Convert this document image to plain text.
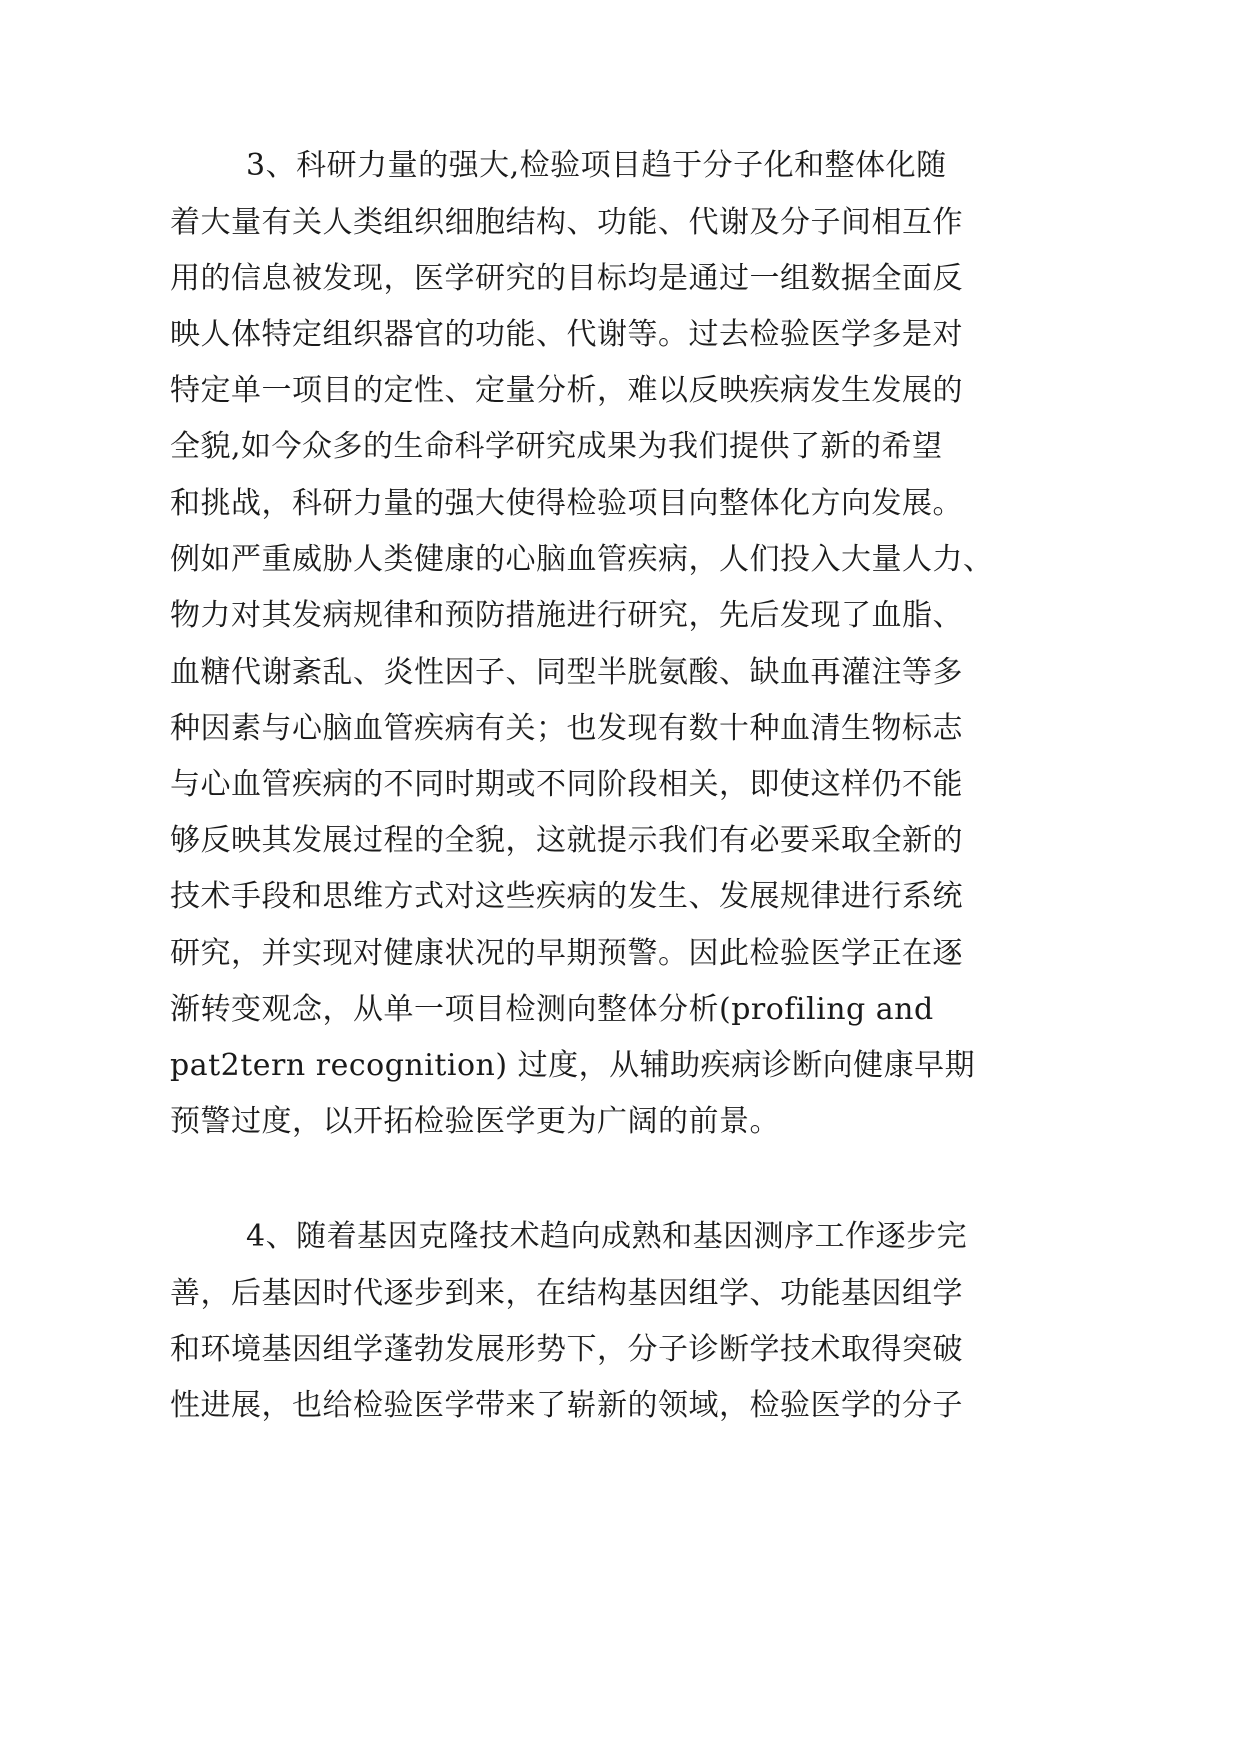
3、科研力量的强大,检验项目趋于分子化和整体化随
着大量有关人类组织细胞结构、功能、代谢及分子间相互作
用的信息被发现，医学研究的目标均是通过一组数据全面反
映人体特定组织器官的功能、代谢等。过去检验医学多是对
特定单一项目的定性、定量分析，难以反映疾病发生发展的
全貌,如今众多的生命科学研究成果为我们提供了新的希望
和挑战，科研力量的强大使得检验项目向整体化方向发展。
例如严重威胁人类健康的心脑血管疾病，人们投入大量人力、
物力对其发病规律和预防措施进行研究，先后发现了血脂、
血糖代谢紊乱、炎性因子、同型半胱氨酸、缺血再灌注等多
种因素与心脑血管疾病有关；也发现有数十种血清生物标志
与心血管疾病的不同时期或不同阶段相关，即使这样仍不能
够反映其发展过程的全貌，这就提示我们有必要采取全新的
技术手段和思维方式对这些疾病的发生、发展规律进行系统
研究，并实现对健康状况的早期预警。因此检验医学正在逐
渐转变观念，从单一项目检测向整体分析(profiling and
pat2tern recognition) 过度，从辅助疾病诊断向健康早期
预警过度，以开拓检验医学更为广阔的前景。
4、随着基因克隆技术趋向成熟和基因测序工作逐步完
善，后基因时代逐步到来，在结构基因组学、功能基因组学
和环境基因组学蓬勃发展形势下，分子诊断学技术取得突破
性进展，也给检验医学带来了崭新的领域，检验医学的分子
